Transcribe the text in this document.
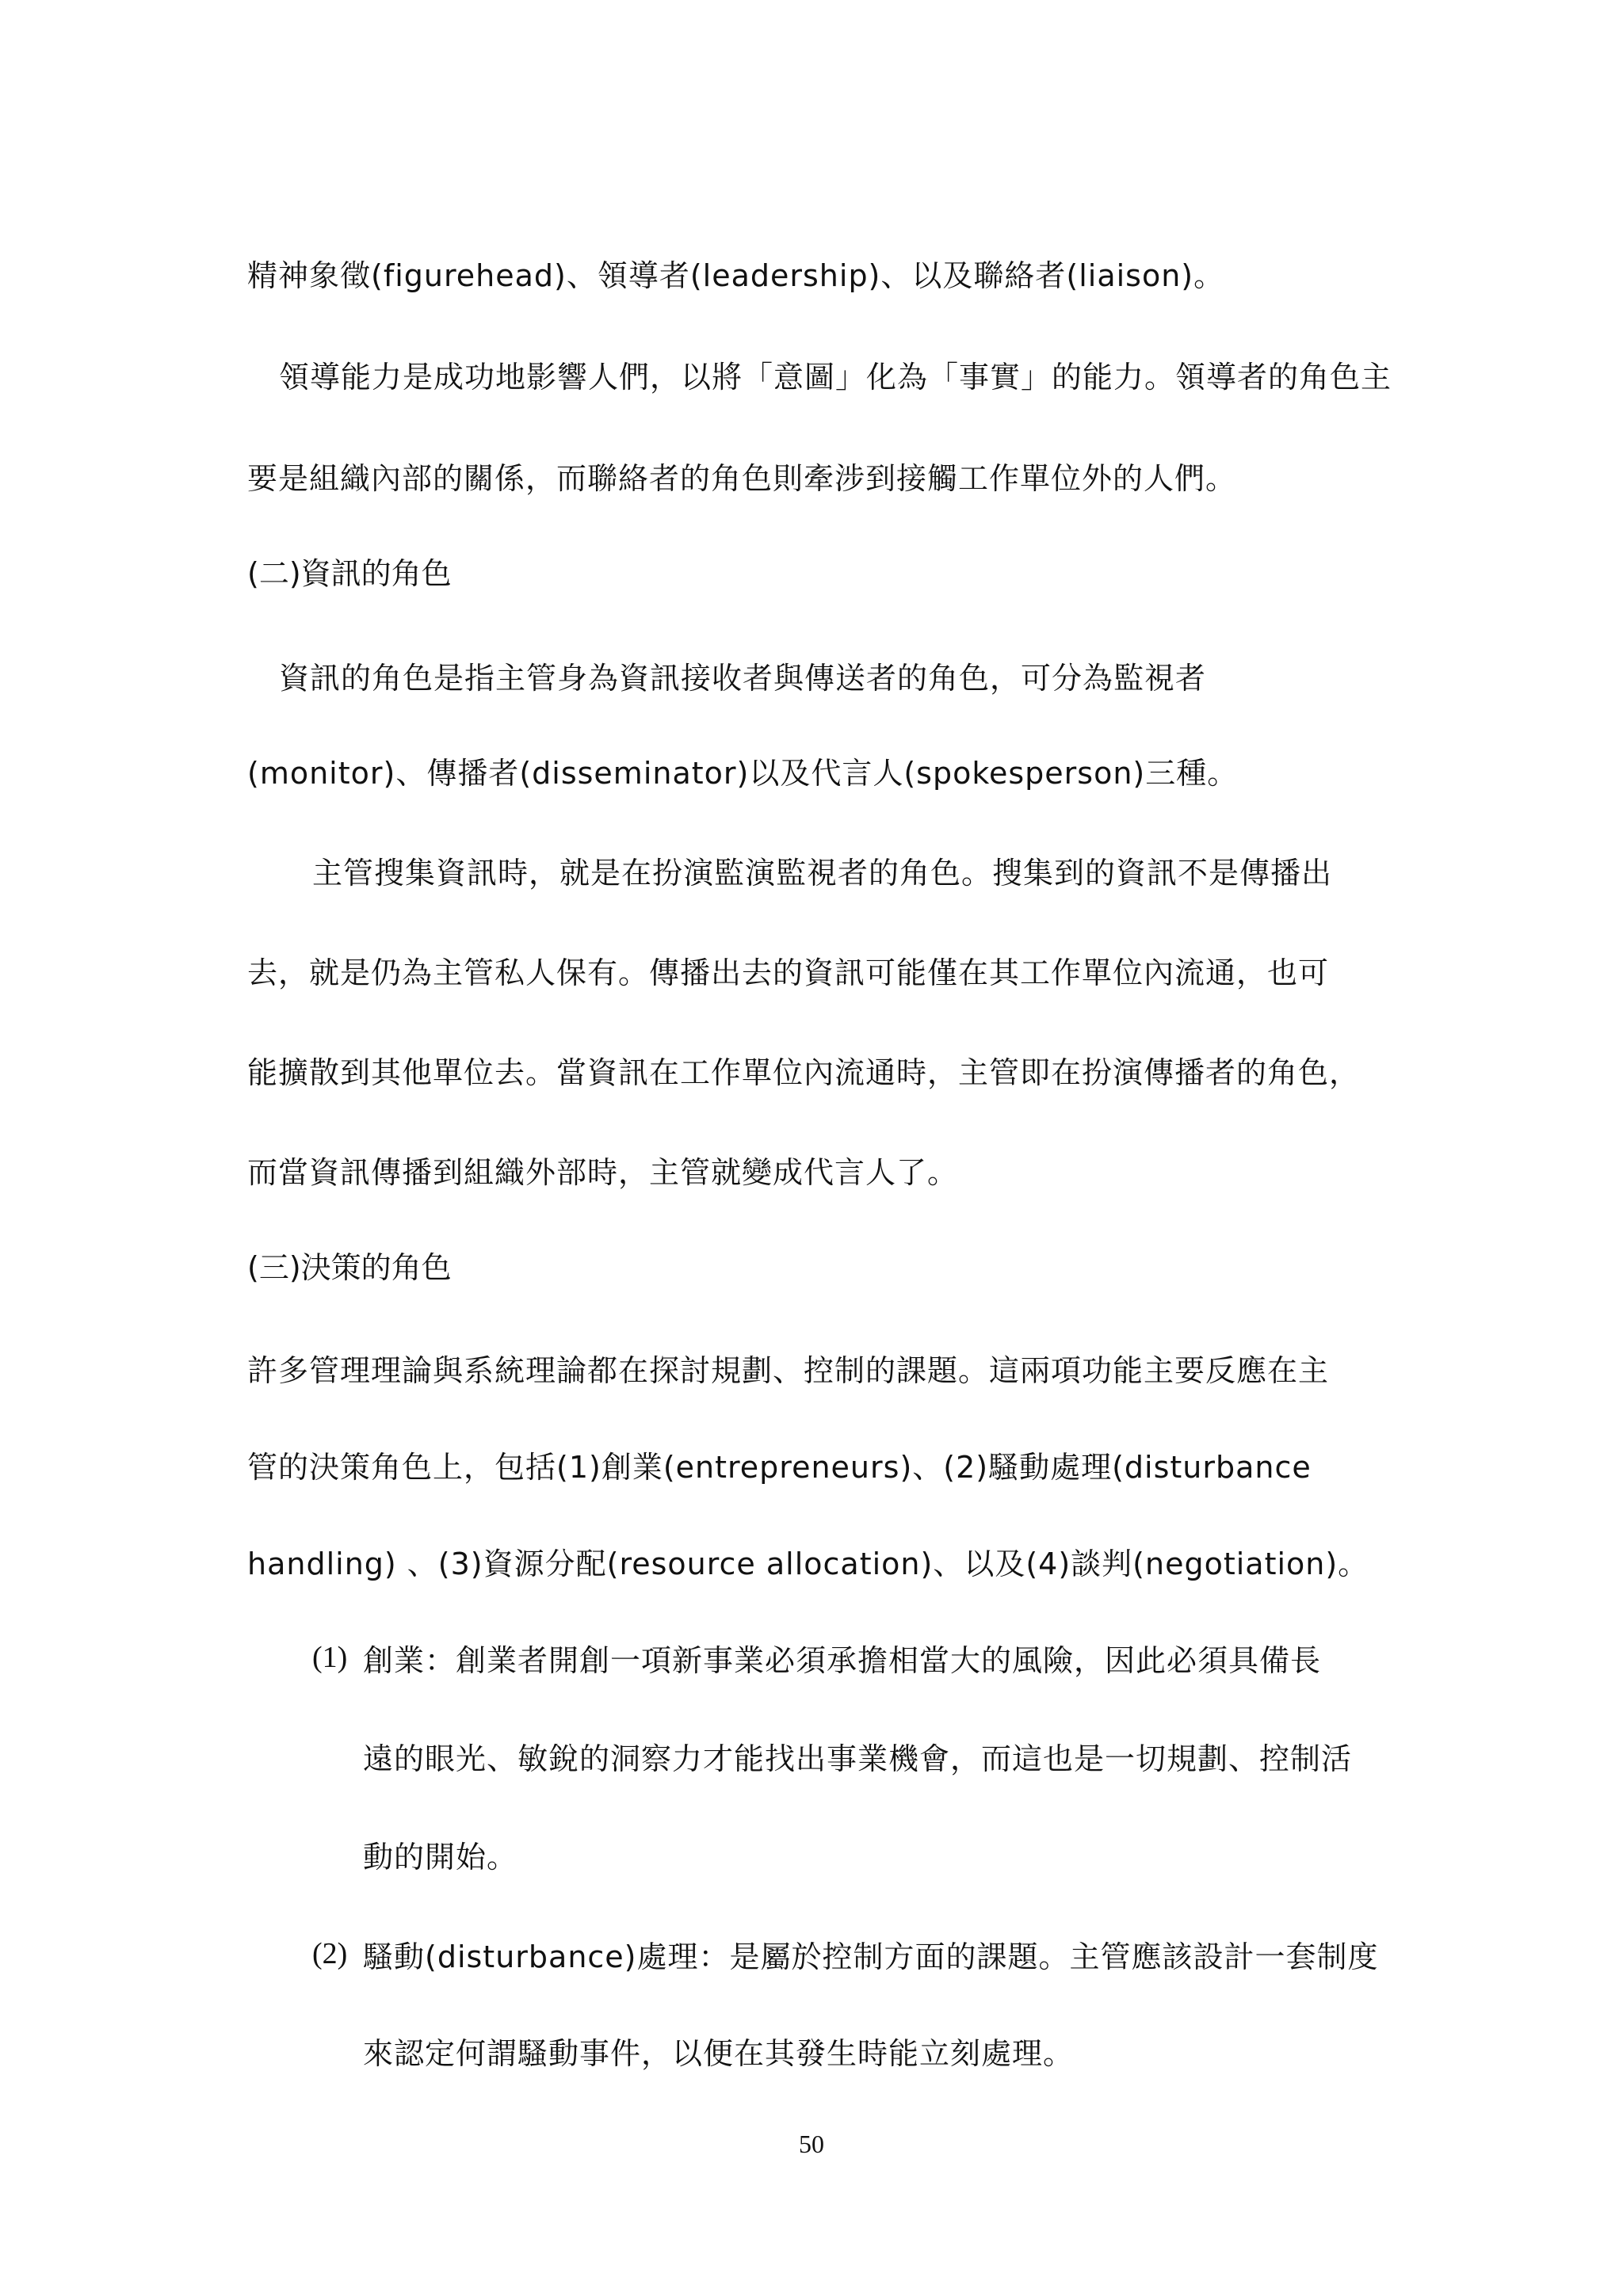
精神象徵(figurehead)、領導者(leadership)、以及聯絡者(liaison)。
領導能力是成功地影響人們，以將「意圖」化為「事實」的能力。領導者的角色主
要是組織內部的關係，而聯絡者的角色則牽涉到接觸工作單位外的人們。
(二)資訊的角色
資訊的角色是指主管身為資訊接收者與傳送者的角色，可分為監視者
(monitor)、傳播者(disseminator)以及代言人(spokesperson)三種。
主管搜集資訊時，就是在扮演監演監視者的角色。搜集到的資訊不是傳播出
去，就是仍為主管私人保有。傳播出去的資訊可能僅在其工作單位內流通，也可
能擴散到其他單位去。當資訊在工作單位內流通時，主管即在扮演傳播者的角色，
而當資訊傳播到組織外部時，主管就變成代言人了。
(三)決策的角色
許多管理理論與系統理論都在探討規劃、控制的課題。這兩項功能主要反應在主
管的決策角色上，包括(1)創業(entrepreneurs)、(2)騷動處理(disturbance
handling) 、(3)資源分配(resource allocation)、以及(4)談判(negotiation)。
(1) 創業：創業者開創一項新事業必須承擔相當大的風險，因此必須具備長
遠的眼光、敏銳的洞察力才能找出事業機會，而這也是一切規劃、控制活
動的開始。
(2) 騷動(disturbance)處理：是屬於控制方面的課題。主管應該設計一套制度
來認定何謂騷動事件，以便在其發生時能立刻處理。
50
